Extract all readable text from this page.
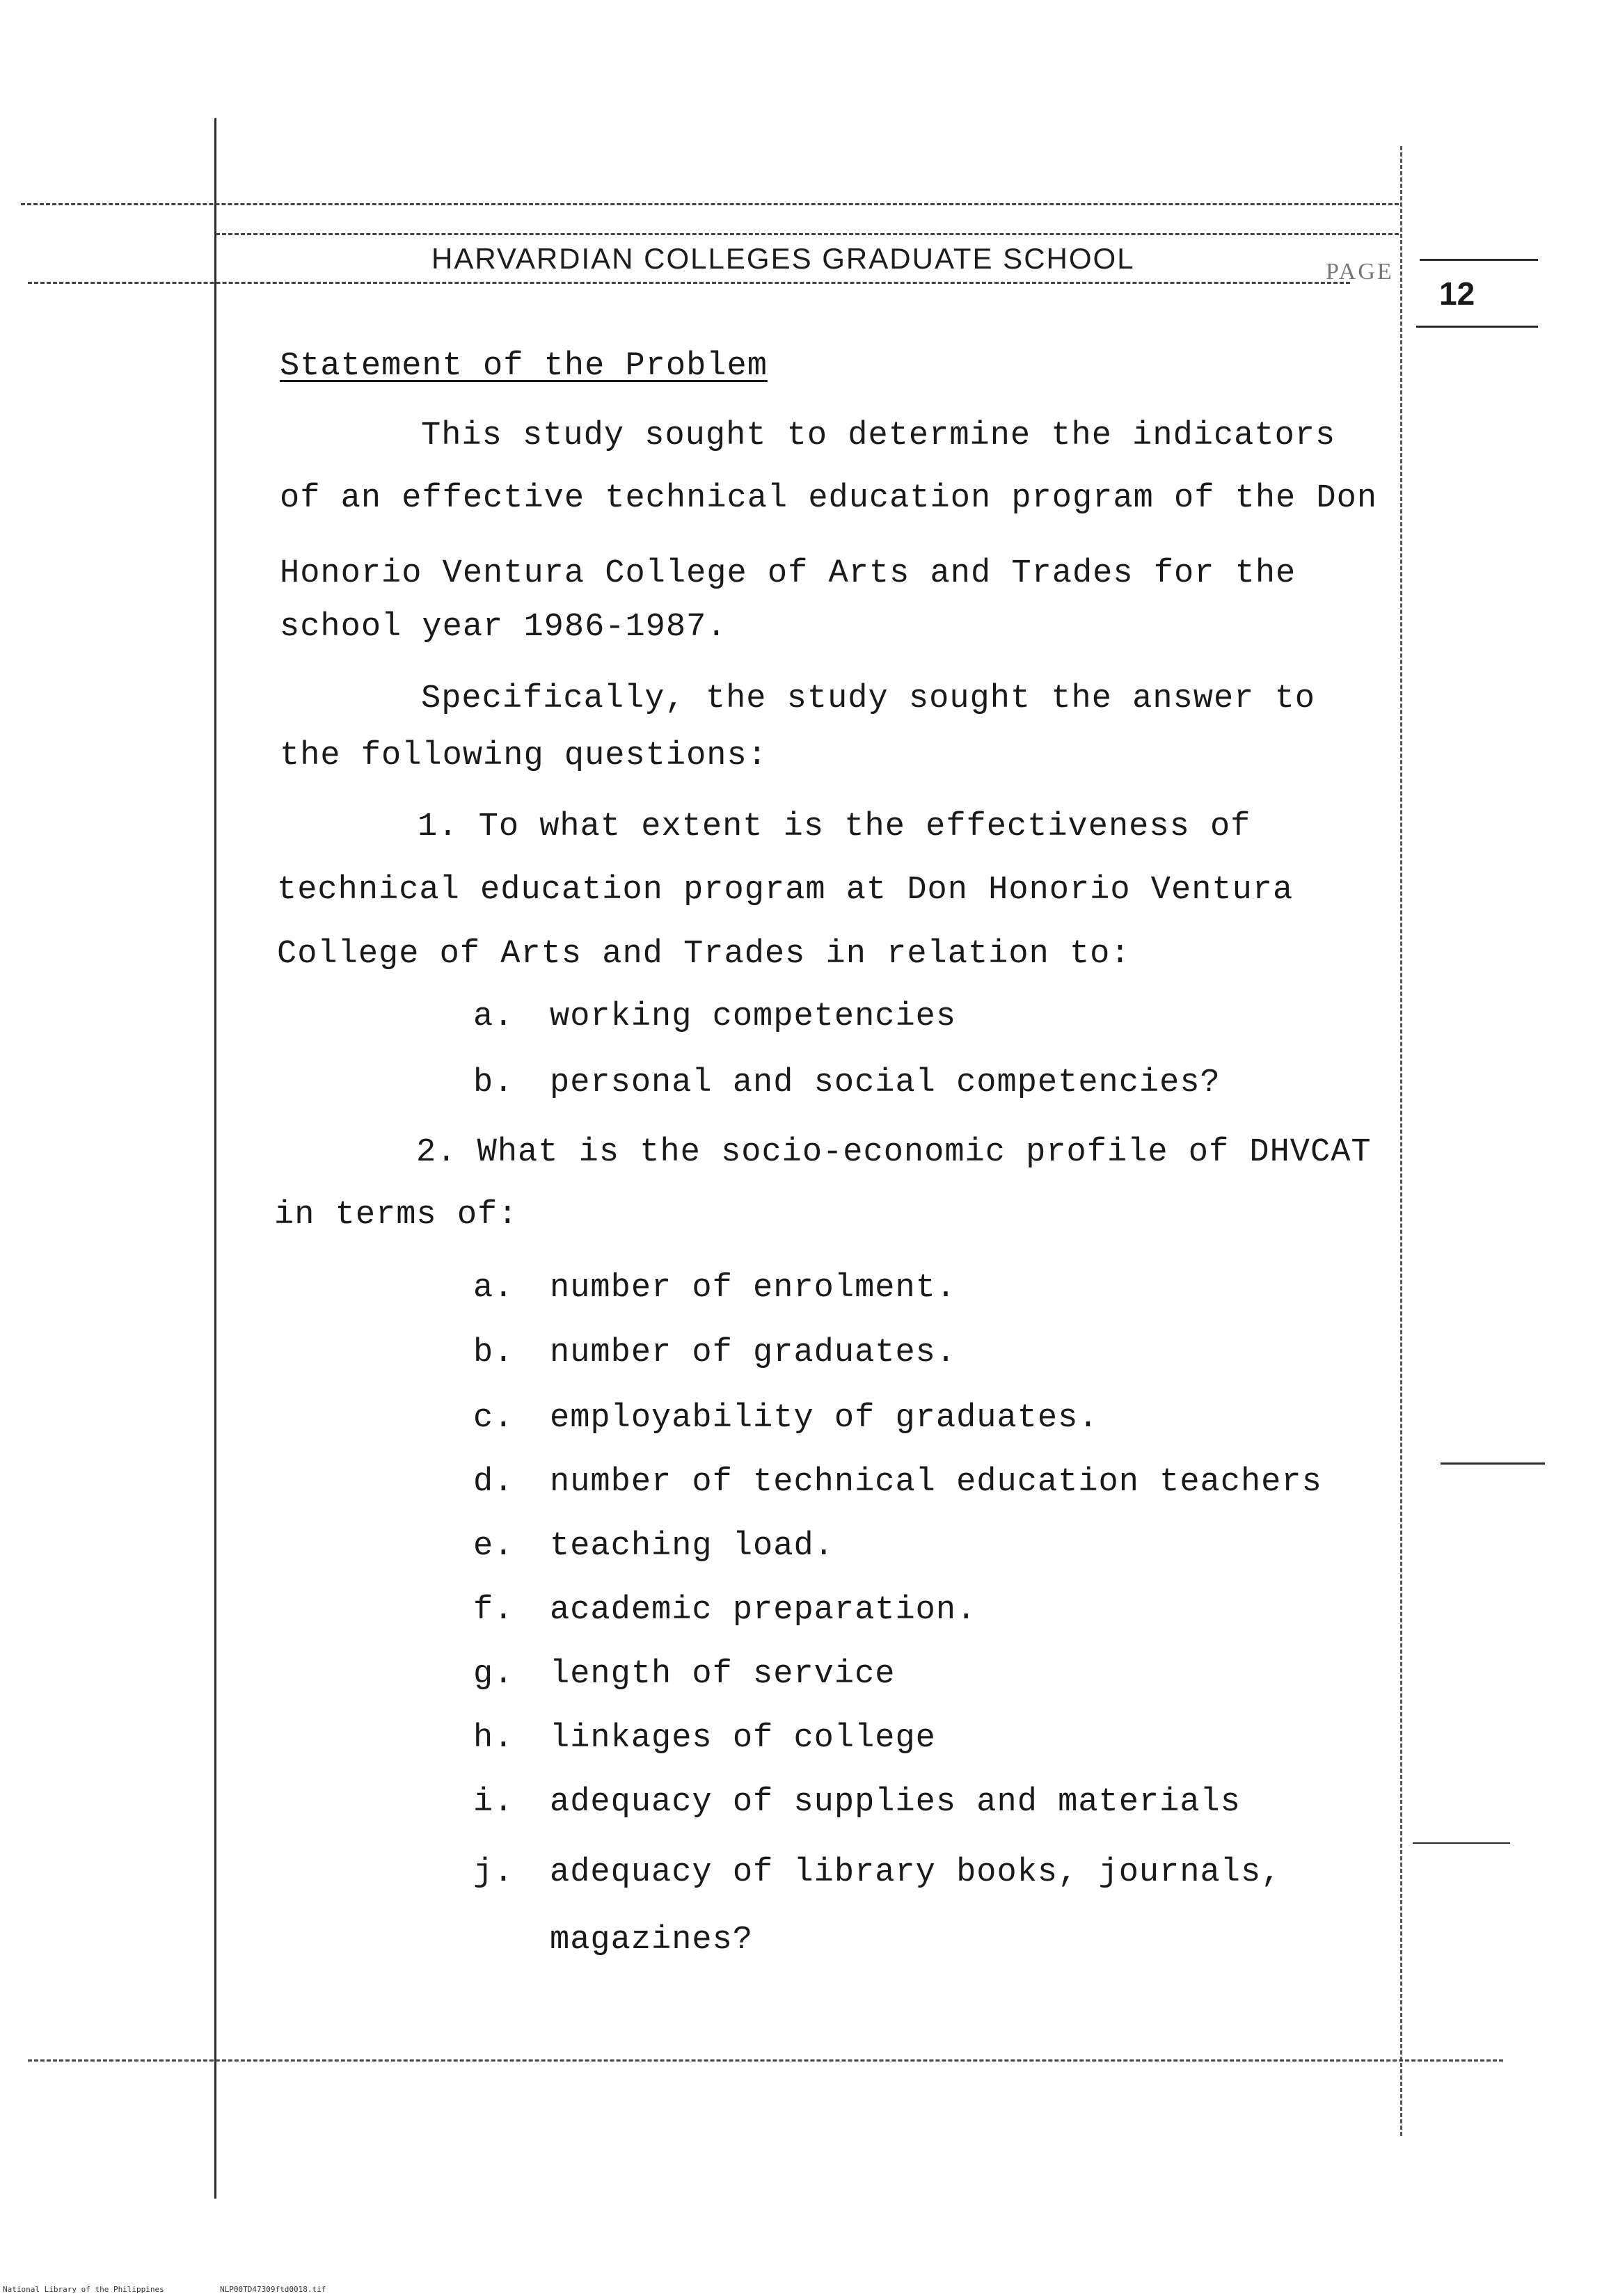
HARVARDIAN COLLEGES GRADUATE SCHOOL	PAGE
12
Statement of the Problem
This study sought to determine the indicators
of an effective technical education program of the Don
Honorio Ventura College of Arts and Trades for the
school year 1986-1987.
Specifically, the study sought the answer to
the following questions:
1. To what extent is the effectiveness of
technical education program at Don Honorio Ventura
College of Arts and Trades in relation to:
a. working competencies
b. personal and social competencies?
2. What is the socio-economic profile of DHVCAT
in terms of:
a. number of enrolment.
b. number of graduates.
c. employability of graduates.
d. number of technical education teachers
e. teaching load.
f. academic preparation.
g. length of service
h. linkages of college
i. adequacy of supplies and materials
j. adequacy of library books, journals,
magazines?
National Library of the Philippines	NLP00TD47309ftd0018.tif
